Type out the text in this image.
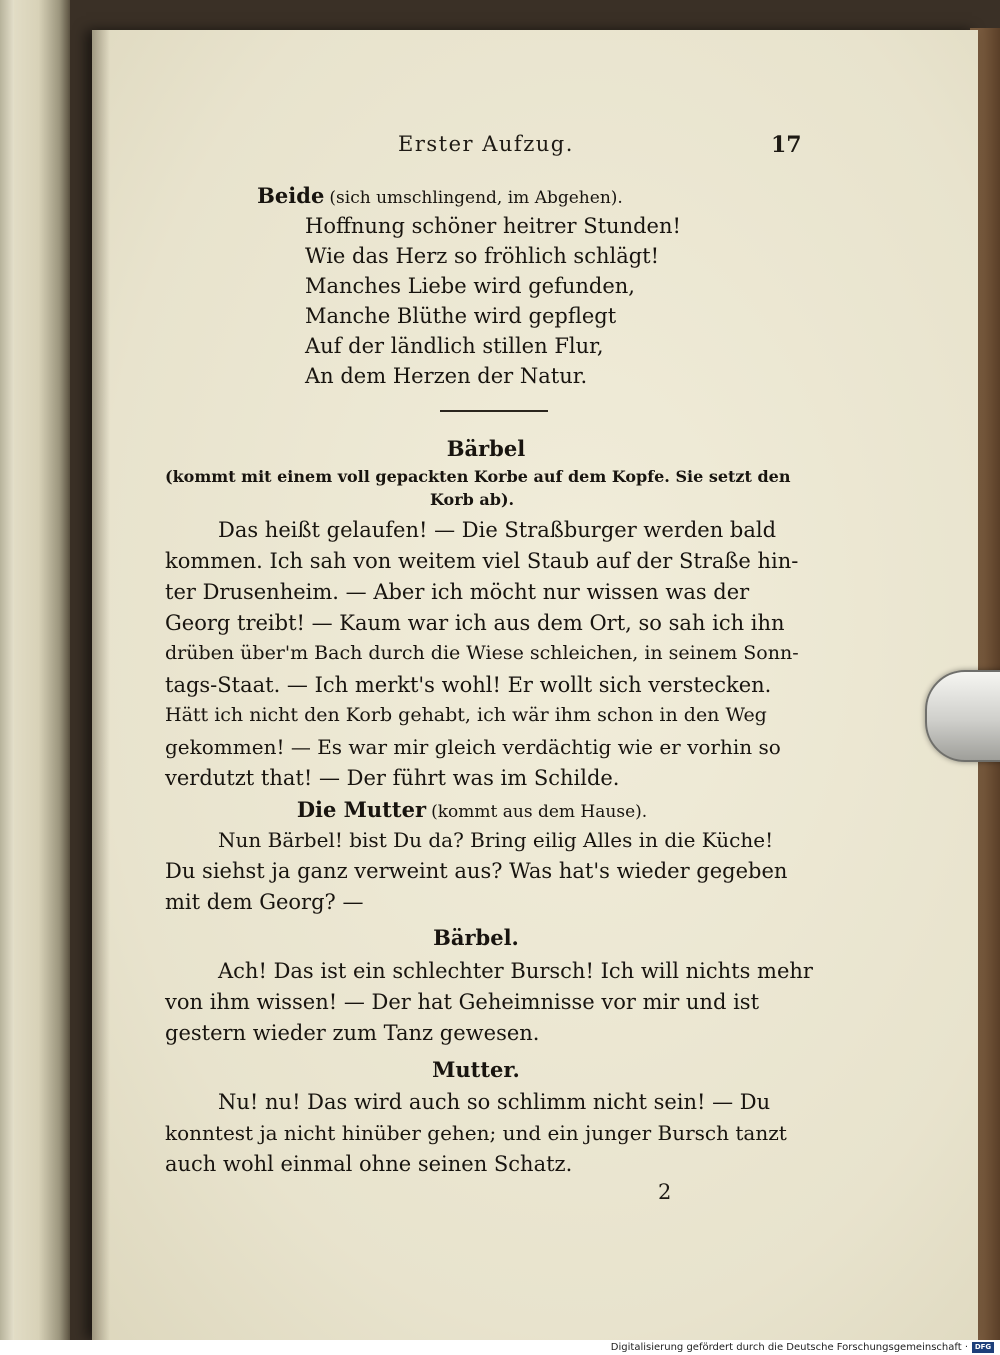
Erster Aufzug.	17
Beide (sich umschlingend, im Abgehen).
Hoffnung schöner heitrer Stunden!
Wie das Herz so fröhlich schlägt!
Manches Liebe wird gefunden,
Manche Blüthe wird gepflegt
Auf der ländlich stillen Flur,
An dem Herzen der Natur.
Bärbel
(kommt mit einem voll gepackten Korbe auf dem Kopfe. Sie setzt den
Korb ab).
Das heißt gelaufen! — Die Straßburger werden bald
kommen. Ich sah von weitem viel Staub auf der Straße hin-
ter Drusenheim. — Aber ich möcht nur wissen was der
Georg treibt! — Kaum war ich aus dem Ort, so sah ich ihn
drüben über'm Bach durch die Wiese schleichen, in seinem Sonn-
tags-Staat. — Ich merkt's wohl! Er wollt sich verstecken.
Hätt ich nicht den Korb gehabt, ich wär ihm schon in den Weg
gekommen! — Es war mir gleich verdächtig wie er vorhin so
verdutzt that! — Der führt was im Schilde.
Die Mutter (kommt aus dem Hause).
Nun Bärbel! bist Du da? Bring eilig Alles in die Küche!
Du siehst ja ganz verweint aus? Was hat's wieder gegeben
mit dem Georg? —
Bärbel.
Ach! Das ist ein schlechter Bursch! Ich will nichts mehr
von ihm wissen! — Der hat Geheimnisse vor mir und ist
gestern wieder zum Tanz gewesen.
Mutter.
Nu! nu! Das wird auch so schlimm nicht sein! — Du
konntest ja nicht hinüber gehen; und ein junger Bursch tanzt
auch wohl einmal ohne seinen Schatz.
2
Digitalisierung gefördert durch die Deutsche Forschungsgemeinschaft · DFG
